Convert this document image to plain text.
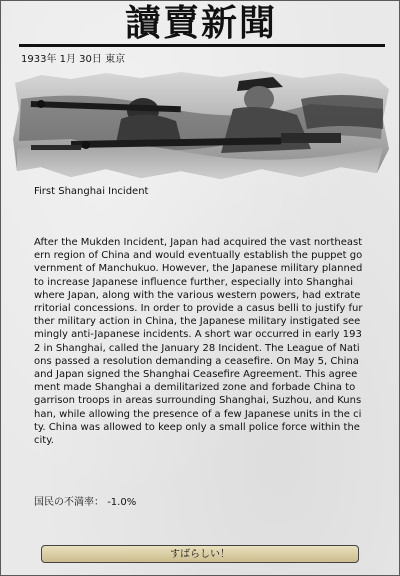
讀賣新聞
1933年 1月 30日 東京
First Shanghai Incident
After the Mukden Incident, Japan had acquired the vast northeastern region of China and would eventually establish the puppet government of Manchukuo. However, the Japanese military planned to increase Japanese influence further, especially into Shanghai where Japan, along with the various western powers, had extraterritorial concessions. In order to provide a casus belli to justify further military action in China, the Japanese military instigated seemingly anti-Japanese incidents. A short war occurred in early 1932 in Shanghai, called the January 28 Incident. The League of Nations passed a resolution demanding a ceasefire. On May 5, China and Japan signed the Shanghai Ceasefire Agreement. This agreement made Shanghai a demilitarized zone and forbade China to garrison troops in areas surrounding Shanghai, Suzhou, and Kunshan, while allowing the presence of a few Japanese units in the city. China was allowed to keep only a small police force within the city.
国民の不満率： -1.0%
すばらしい！
